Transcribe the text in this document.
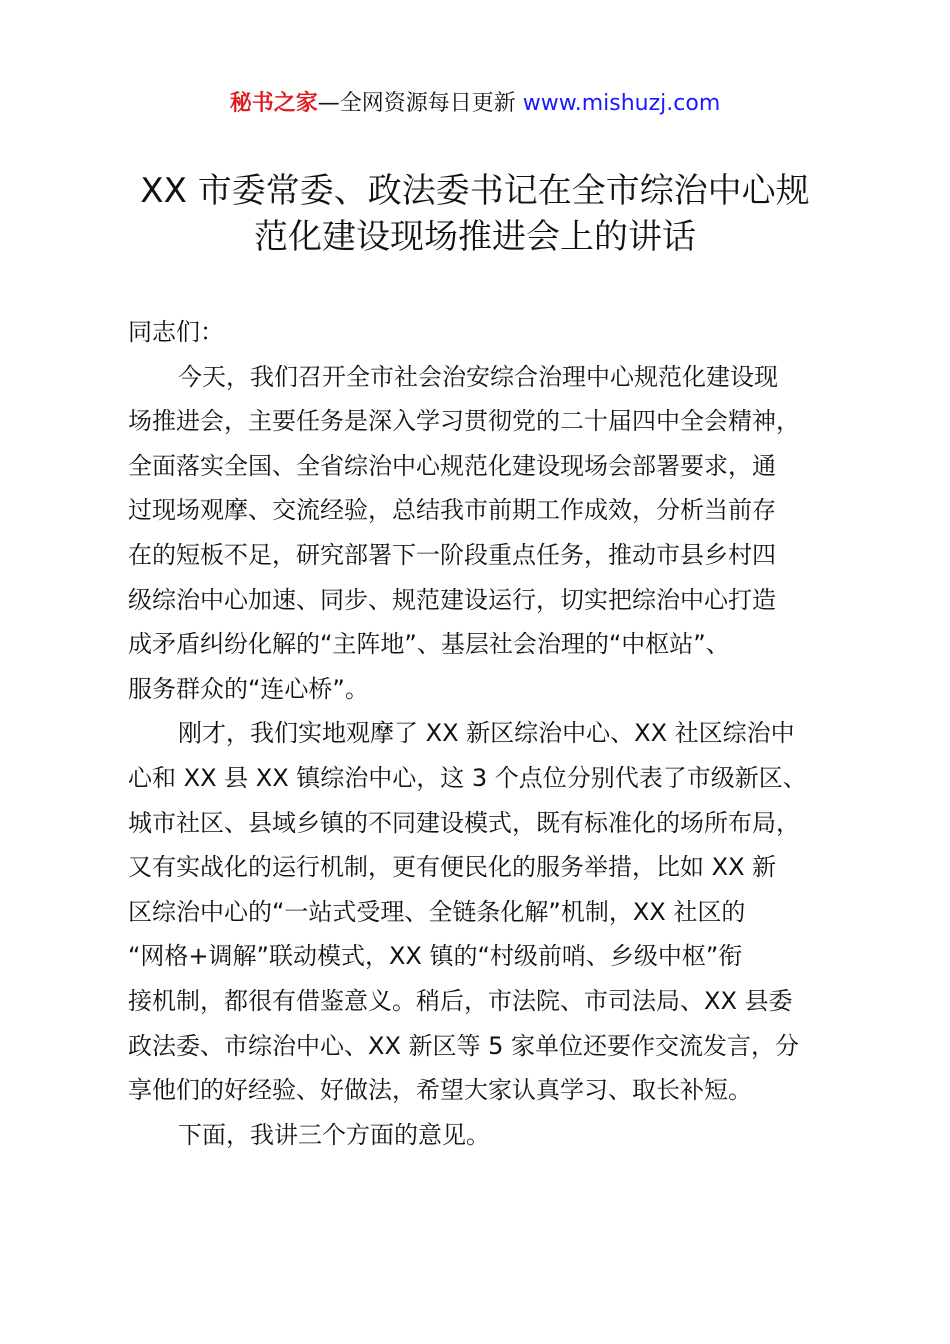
秘书之家—全网资源每日更新 www.mishuzj.com
XX 市委常委、政法委书记在全市综治中心规
范化建设现场推进会上的讲话
同志们：
今天，我们召开全市社会治安综合治理中心规范化建设现
场推进会，主要任务是深入学习贯彻党的二十届四中全会精神，
全面落实全国、全省综治中心规范化建设现场会部署要求，通
过现场观摩、交流经验，总结我市前期工作成效，分析当前存
在的短板不足，研究部署下一阶段重点任务，推动市县乡村四
级综治中心加速、同步、规范建设运行，切实把综治中心打造
成矛盾纠纷化解的“主阵地”、基层社会治理的“中枢站”、
服务群众的“连心桥”。
刚才，我们实地观摩了 XX 新区综治中心、XX 社区综治中
心和 XX 县 XX 镇综治中心，这 3 个点位分别代表了市级新区、
城市社区、县域乡镇的不同建设模式，既有标准化的场所布局，
又有实战化的运行机制，更有便民化的服务举措，比如 XX 新
区综治中心的“一站式受理、全链条化解”机制，XX 社区的
“网格+调解”联动模式，XX 镇的“村级前哨、乡级中枢”衔
接机制，都很有借鉴意义。稍后，市法院、市司法局、XX 县委
政法委、市综治中心、XX 新区等 5 家单位还要作交流发言，分
享他们的好经验、好做法，希望大家认真学习、取长补短。
下面，我讲三个方面的意见。
